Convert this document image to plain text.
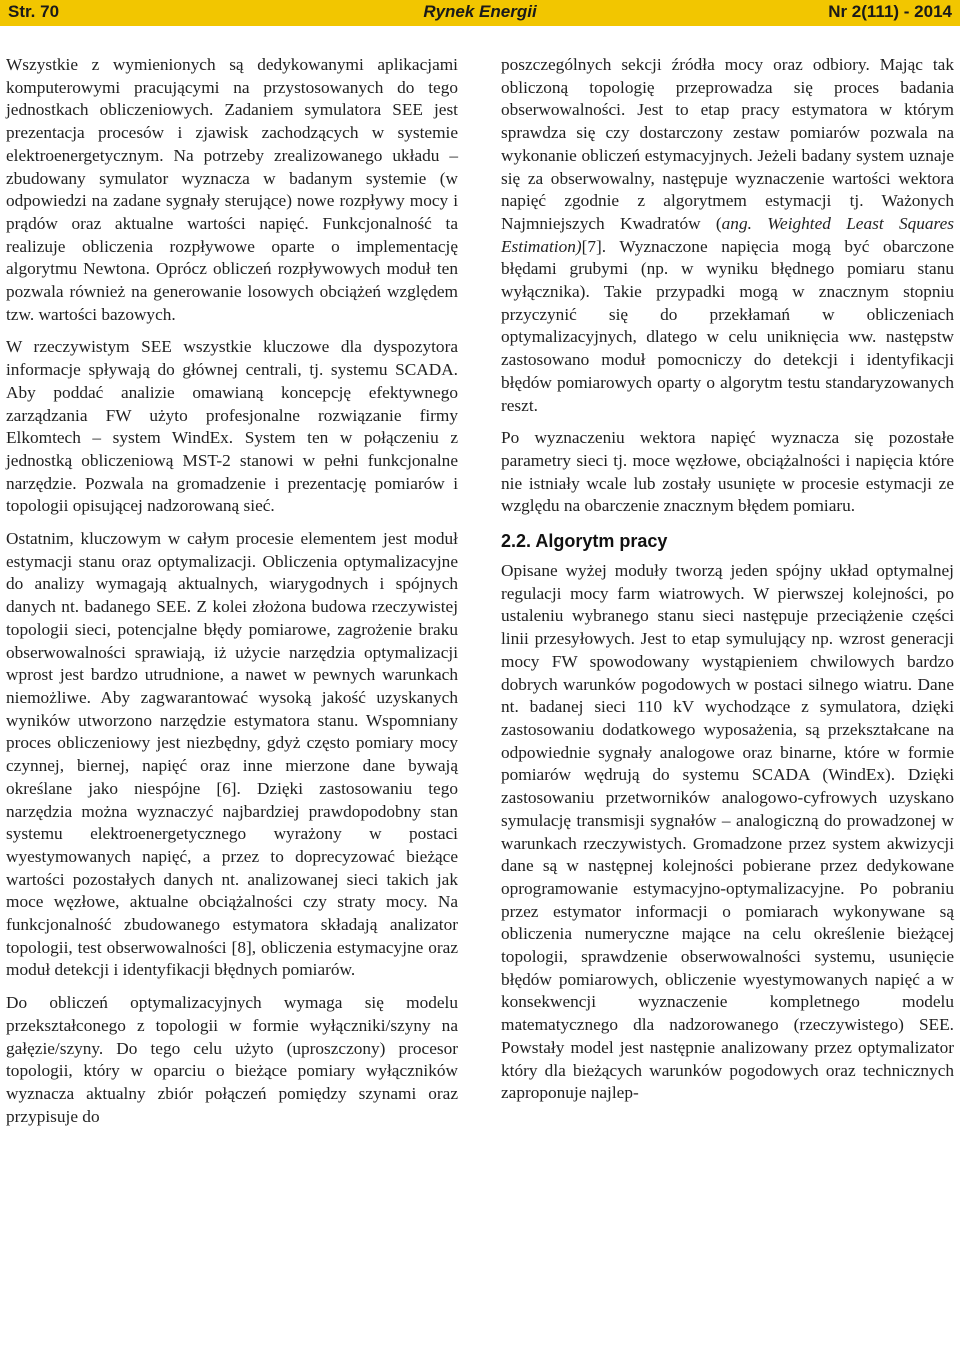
Rynek Energii
Str. 70	Nr 2(111) - 2014

Wszystkie z wymienionych są dedykowanymi aplikacjami komputerowymi pracującymi na przystosowanych do tego jednostkach obliczeniowych. Zadaniem symulatora SEE jest prezentacja procesów i zjawisk zachodzących w systemie elektroenergetycznym. Na potrzeby zrealizowanego układu – zbudowany symulator wyznacza w badanym systemie (w odpowiedzi na zadane sygnały sterujące) nowe rozpływy mocy i prądów oraz aktualne wartości napięć. Funkcjonalność ta realizuje obliczenia rozpływowe oparte o implementację algorytmu Newtona. Oprócz obliczeń rozpływowych moduł ten pozwala również na generowanie losowych obciążeń względem tzw. wartości bazowych.

W rzeczywistym SEE wszystkie kluczowe dla dyspozytora informacje spływają do głównej centrali, tj. systemu SCADA. Aby poddać analizie omawianą koncepcję efektywnego zarządzania FW użyto profesjonalne rozwiązanie firmy Elkomtech – system WindEx. System ten w połączeniu z jednostką obliczeniową MST-2 stanowi w pełni funkcjonalne narzędzie. Pozwala na gromadzenie i prezentację pomiarów i topologii opisującej nadzorowaną sieć.

Ostatnim, kluczowym w całym procesie elementem jest moduł estymacji stanu oraz optymalizacji. Obliczenia optymalizacyjne do analizy wymagają aktualnych, wiarygodnych i spójnych danych nt. badanego SEE. Z kolei złożona budowa rzeczywistej topologii sieci, potencjalne błędy pomiarowe, zagrożenie braku obserwowalności sprawiają, iż użycie narzędzia optymalizacji wprost jest bardzo utrudnione, a nawet w pewnych warunkach niemożliwe. Aby zagwarantować wysoką jakość uzyskanych wyników utworzono narzędzie estymatora stanu. Wspomniany proces obliczeniowy jest niezbędny, gdyż często pomiary mocy czynnej, biernej, napięć oraz inne mierzone dane bywają określane jako niespójne [6]. Dzięki zastosowaniu tego narzędzia można wyznaczyć najbardziej prawdopodobny stan systemu elektroenergetycznego wyrażony w postaci wyestymowanych napięć, a przez to doprecyzować bieżące wartości pozostałych danych nt. analizowanej sieci takich jak moce węzłowe, aktualne obciążalności czy straty mocy. Na funkcjonalność zbudowanego estymatora składają analizator topologii, test obserwowalności [8], obliczenia estymacyjne oraz moduł detekcji i identyfikacji błędnych pomiarów.

Do obliczeń optymalizacyjnych wymaga się modelu przekształconego z topologii w formie wyłączniki/szyny na gałęzie/szyny. Do tego celu użyto (uproszczony) procesor topologii, który w oparciu o bieżące pomiary wyłączników wyznacza aktualny zbiór połączeń pomiędzy szynami oraz przypisuje do

poszczególnych sekcji źródła mocy oraz odbiory. Mając tak obliczoną topologię przeprowadza się proces badania obserwowalności. Jest to etap pracy estymatora w którym sprawdza się czy dostarczony zestaw pomiarów pozwala na wykonanie obliczeń estymacyjnych. Jeżeli badany system uznaje się za obserwowalny, następuje wyznaczenie wartości wektora napięć zgodnie z algorytmem estymacji tj. Ważonych Najmniejszych Kwadratów (ang. Weighted Least Squares Estimation)[7]. Wyznaczone napięcia mogą być obarczone błędami grubymi (np. w wyniku błędnego pomiaru stanu wyłącznika). Takie przypadki mogą w znacznym stopniu przyczynić się do przekłamań w obliczeniach optymalizacyjnych, dlatego w celu uniknięcia ww. następstw zastosowano moduł pomocniczy do detekcji i identyfikacji błędów pomiarowych oparty o algorytm testu standaryzowanych reszt.

Po wyznaczeniu wektora napięć wyznacza się pozostałe parametry sieci tj. moce węzłowe, obciążalności i napięcia które nie istniały wcale lub zostały usunięte w procesie estymacji ze względu na obarczenie znacznym błędem pomiaru.

2.2. Algorytm pracy

Opisane wyżej moduły tworzą jeden spójny układ optymalnej regulacji mocy farm wiatrowych. W pierwszej kolejności, po ustaleniu wybranego stanu sieci następuje przeciążenie części linii przesyłowych. Jest to etap symulujący np. wzrost generacji mocy FW spowodowany wystąpieniem chwilowych bardzo dobrych warunków pogodowych w postaci silnego wiatru. Dane nt. badanej sieci 110 kV wychodzące z symulatora, dzięki zastosowaniu dodatkowego wyposażenia, są przekształcane na odpowiednie sygnały analogowe oraz binarne, które w formie pomiarów wędrują do systemu SCADA (WindEx). Dzięki zastosowaniu przetworników analogowo-cyfrowych uzyskano symulację transmisji sygnałów – analogiczną do prowadzonej w warunkach rzeczywistych. Gromadzone przez system akwizycji dane są w następnej kolejności pobierane przez dedykowane oprogramowanie estymacyjno-optymalizacyjne. Po pobraniu przez estymator informacji o pomiarach wykonywane są obliczenia numeryczne mające na celu określenie bieżącej topologii, sprawdzenie obserwowalności systemu, usunięcie błędów pomiarowych, obliczenie wyestymowanych napięć a w konsekwencji wyznaczenie kompletnego modelu matematycznego dla nadzorowanego (rzeczywistego) SEE. Powstały model jest następnie analizowany przez optymalizator który dla bieżących warunków pogodowych oraz technicznych zaproponuje najlep-
